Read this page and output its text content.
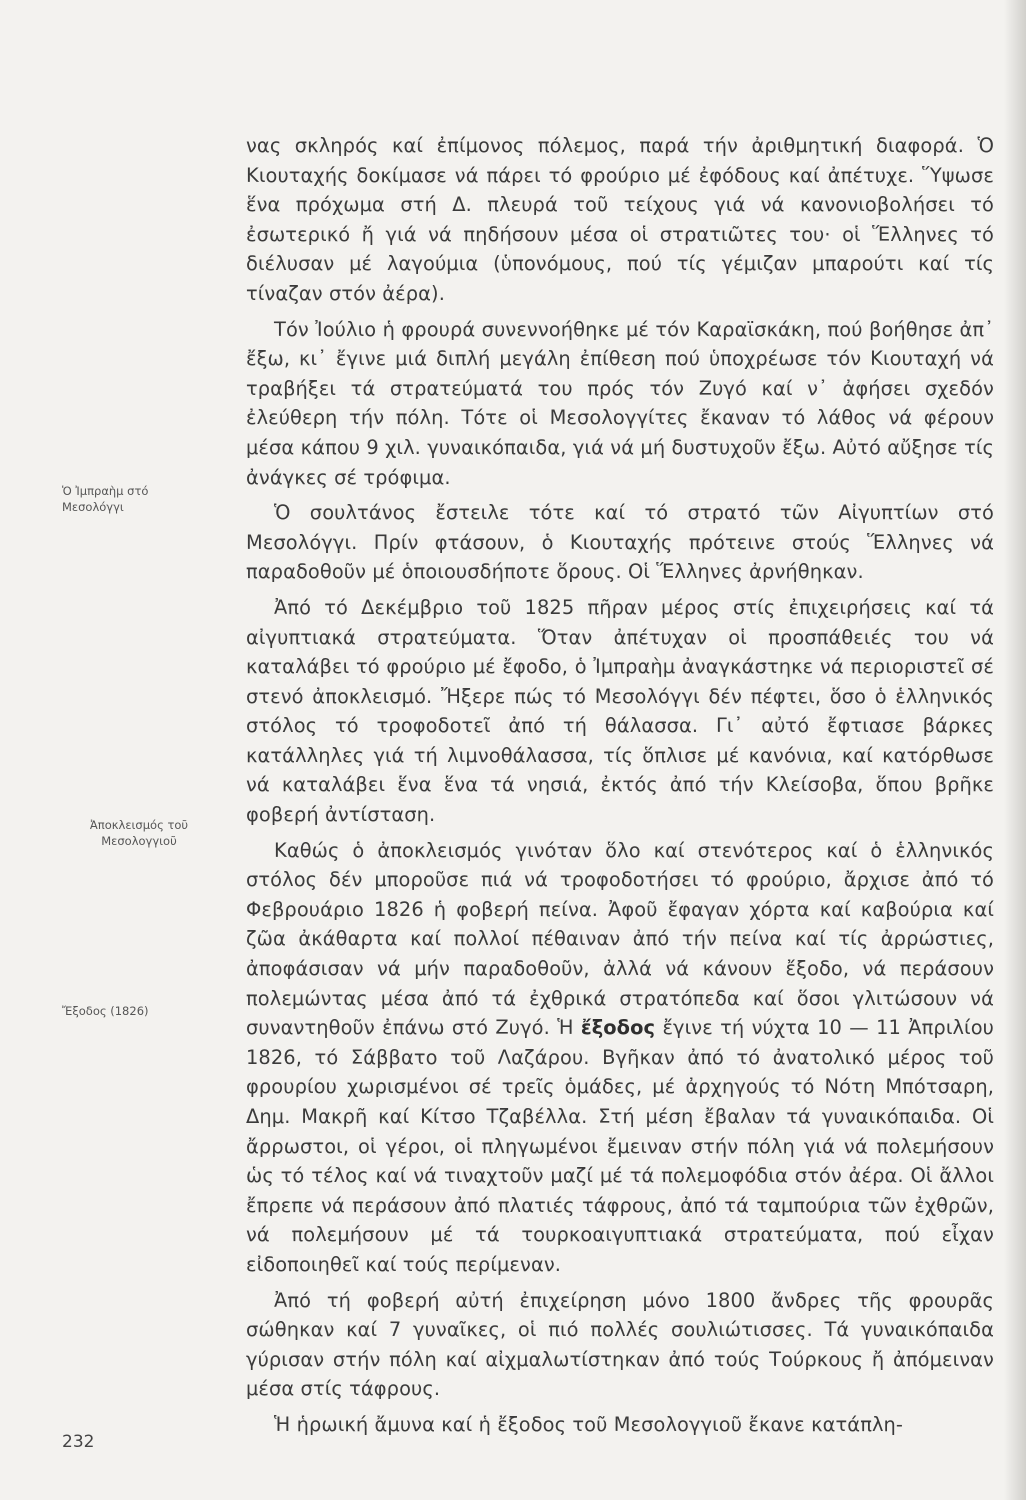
Ὁ Ἰμπραὴμ στό Μεσολόγγι
Ἀποκλεισμός τοῦ Μεσολογγιοῦ
Ἔξοδος (1826)

νας σκληρός καί ἐπίμονος πόλεμος, παρά τήν ἀριθμητική διαφορά. Ὁ Κιουταχής δοκίμασε νά πάρει τό φρούριο μέ ἐφόδους καί ἀπέτυχε. Ὕψωσε ἕνα πρόχωμα στή Δ. πλευρά τοῦ τείχους γιά νά κανονιοβολήσει τό ἐσωτερικό ἤ γιά νά πηδήσουν μέσα οἱ στρατιῶτες του· οἱ Ἕλληνες τό διέλυσαν μέ λαγούμια (ὑπονόμους, πού τίς γέμιζαν μπαρούτι καί τίς τίναζαν στόν ἀέρα).

Τόν Ἰούλιο ἡ φρουρά συνεννοήθηκε μέ τόν Καραϊσκάκη, πού βοήθησε ἀπ᾽ ἔξω, κι᾽ ἔγινε μιά διπλή μεγάλη ἐπίθεση πού ὑποχρέωσε τόν Κιουταχή νά τραβήξει τά στρατεύματά του πρός τόν Ζυγό καί ν᾽ ἀφήσει σχεδόν ἐλεύθερη τήν πόλη. Τότε οἱ Μεσολογγίτες ἔκαναν τό λάθος νά φέρουν μέσα κάπου 9 χιλ. γυναικόπαιδα, γιά νά μή δυστυχοῦν ἔξω. Αὐτό αὔξησε τίς ἀνάγκες σέ τρόφιμα.

Ὁ σουλτάνος ἔστειλε τότε καί τό στρατό τῶν Αἰγυπτίων στό Μεσολόγγι. Πρίν φτάσουν, ὁ Κιουταχής πρότεινε στούς Ἕλληνες νά παραδοθοῦν μέ ὁποιουσδήποτε ὅρους. Οἱ Ἕλληνες ἀρνήθηκαν.

Ἀπό τό Δεκέμβριο τοῦ 1825 πῆραν μέρος στίς ἐπιχειρήσεις καί τά αἰγυπτιακά στρατεύματα. Ὅταν ἀπέτυχαν οἱ προσπάθειές του νά καταλάβει τό φρούριο μέ ἔφοδο, ὁ Ἰμπραὴμ ἀναγκάστηκε νά περιοριστεῖ σέ στενό ἀποκλεισμό. Ἤξερε πώς τό Μεσολόγγι δέν πέφτει, ὅσο ὁ ἑλληνικός στόλος τό τροφοδοτεῖ ἀπό τή θάλασσα. Γι᾽ αὐτό ἔφτιασε βάρκες κατάλληλες γιά τή λιμνοθάλασσα, τίς ὅπλισε μέ κανόνια, καί κατόρθωσε νά καταλάβει ἕνα ἕνα τά νησιά, ἐκτός ἀπό τήν Κλείσοβα, ὅπου βρῆκε φοβερή ἀντίσταση.

Καθώς ὁ ἀποκλεισμός γινόταν ὅλο καί στενότερος καί ὁ ἑλληνικός στόλος δέν μποροῦσε πιά νά τροφοδοτήσει τό φρούριο, ἄρχισε ἀπό τό Φεβρουάριο 1826 ἡ φοβερή πείνα. Ἀφοῦ ἔφαγαν χόρτα καί καβούρια καί ζῶα ἀκάθαρτα καί πολλοί πέθαιναν ἀπό τήν πείνα καί τίς ἀρρώστιες, ἀποφάσισαν νά μήν παραδοθοῦν, ἀλλά νά κάνουν ἔξοδο, νά περάσουν πολεμώντας μέσα ἀπό τά ἐχθρικά στρατόπεδα καί ὅσοι γλιτώσουν νά συναντηθοῦν ἐπάνω στό Ζυγό. Ἡ ἔξοδος ἔγινε τή νύχτα 10 — 11 Ἀπριλίου 1826, τό Σάββατο τοῦ Λαζάρου. Βγῆκαν ἀπό τό ἀνατολικό μέρος τοῦ φρουρίου χωρισμένοι σέ τρεῖς ὁμάδες, μέ ἀρχηγούς τό Νότη Μπότσαρη, Δημ. Μακρῆ καί Κίτσο Τζαβέλλα. Στή μέση ἔβαλαν τά γυναικόπαιδα. Οἱ ἄρρωστοι, οἱ γέροι, οἱ πληγωμένοι ἔμειναν στήν πόλη γιά νά πολεμήσουν ὡς τό τέλος καί νά τιναχτοῦν μαζί μέ τά πολεμοφόδια στόν ἀέρα. Οἱ ἄλλοι ἔπρεπε νά περάσουν ἀπό πλατιές τάφρους, ἀπό τά ταμπούρια τῶν ἐχθρῶν, νά πολεμήσουν μέ τά τουρκοαιγυπτιακά στρατεύματα, πού εἶχαν εἰδοποιηθεῖ καί τούς περίμεναν.

Ἀπό τή φοβερή αὐτή ἐπιχείρηση μόνο 1800 ἄνδρες τῆς φρουρᾶς σώθηκαν καί 7 γυναῖκες, οἱ πιό πολλές σουλιώτισσες. Τά γυναικόπαιδα γύρισαν στήν πόλη καί αἰχμαλωτίστηκαν ἀπό τούς Τούρκους ἤ ἀπόμειναν μέσα στίς τάφρους.

Ἡ ἡρωική ἄμυνα καί ἡ ἔξοδος τοῦ Μεσολογγιοῦ ἔκανε κατάπλη-

232
